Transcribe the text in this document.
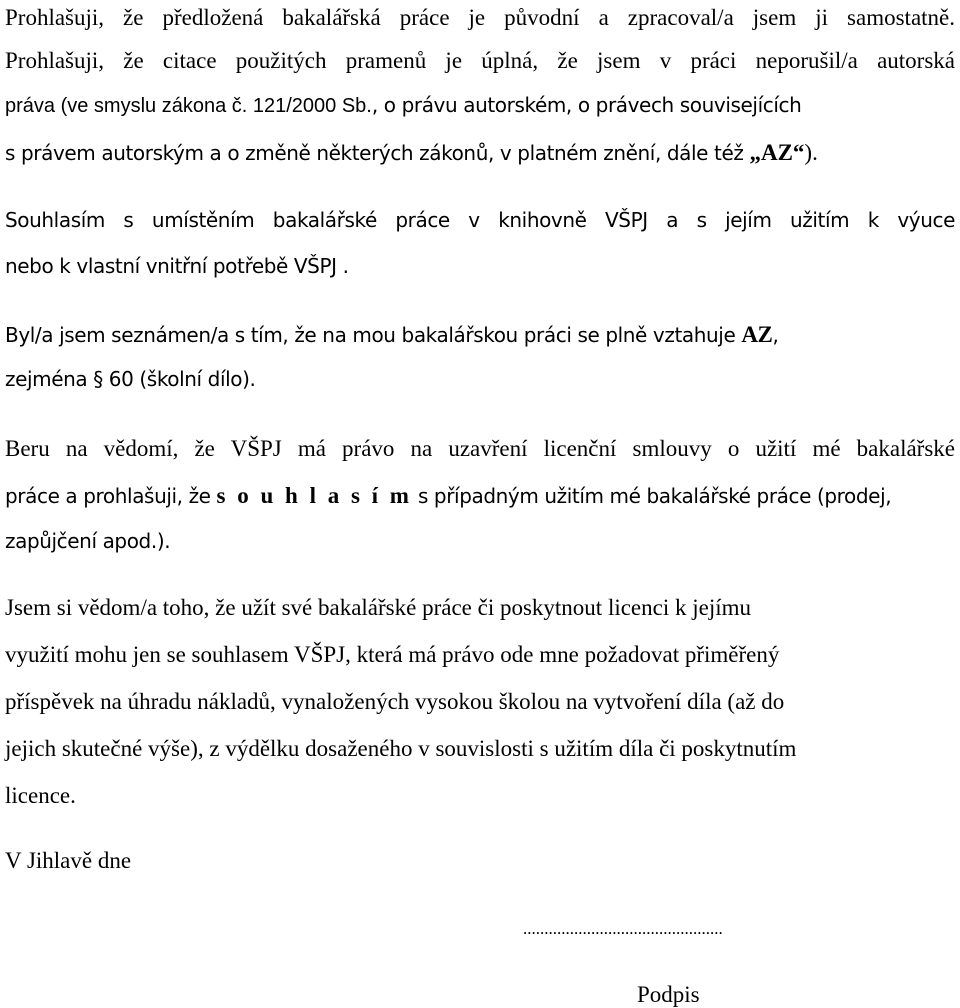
Prohlašuji, že předložená bakalářská práce je původní a zpracoval/a jsem ji samostatně.
Prohlašuji, že citace použitých pramenů je úplná, že jsem v práci neporušil/a autorská
práva (ve smyslu zákona č. 121/2000 Sb., o právu autorském, o právech souvisejících
s právem autorským a o změně některých zákonů, v platném znění, dále též „AZ“).
Souhlasím s umístěním bakalářské práce v knihovně VŠPJ a s jejím užitím k výuce
nebo k vlastní vnitřní potřebě VŠPJ .
Byl/a jsem seznámen/a s tím, že na mou bakalářskou práci se plně vztahuje AZ,
zejména § 60 (školní dílo).
Beru na vědomí, že VŠPJ má právo na uzavření licenční smlouvy o užití mé bakalářské
práce a prohlašuji, že s o u h l a s í m s případným užitím mé bakalářské práce (prodej,
zapůjčení apod.).
Jsem si vědom/a toho, že užít své bakalářské práce či poskytnout licenci k jejímu
využití mohu jen se souhlasem VŠPJ, která má právo ode mne požadovat přiměřený
příspěvek na úhradu nákladů, vynaložených vysokou školou na vytvoření díla (až do
jejich skutečné výše), z výdělku dosaženého v souvislosti s užitím díla či poskytnutím
licence.
V Jihlavě dne
...............................................
Podpis
